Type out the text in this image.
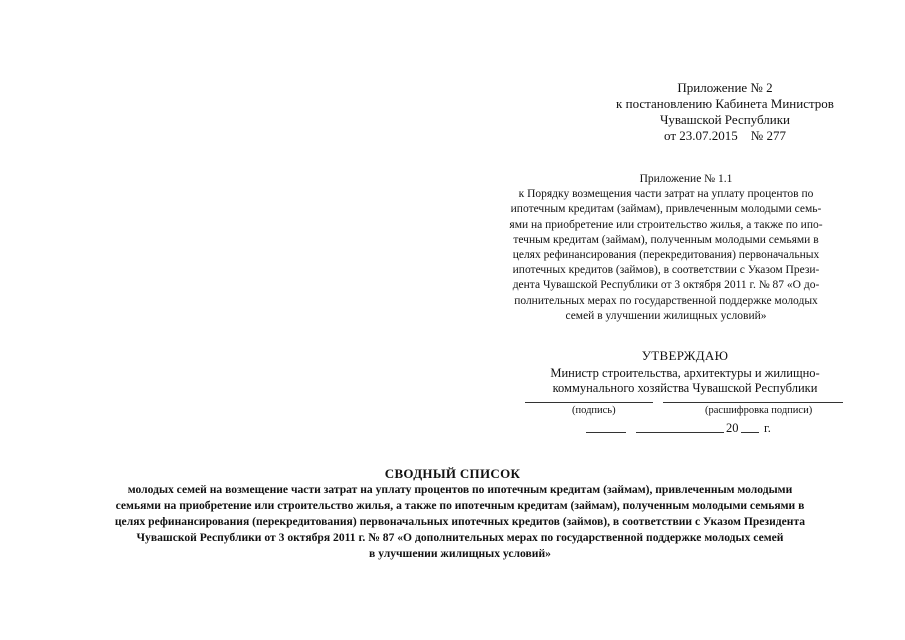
Приложение № 2
к постановлению Кабинета Министров
Чувашской Республики
от 23.07.2015    № 277
Приложение № 1.1
к Порядку возмещения части затрат на уплату процентов по
ипотечным кредитам (займам), привлеченным молодыми семь-
ями на приобретение или строительство жилья, а также по ипо-
течным кредитам (займам), полученным молодыми семьями в
целях рефинансирования (перекредитования) первоначальных
ипотечных кредитов (займов), в соответствии с Указом Прези-
дента Чувашской Республики от 3 октября 2011 г. № 87 «О до-
полнительных мерах по государственной поддержке молодых
семей в улучшении жилищных условий»
УТВЕРЖДАЮ
Министр строительства, архитектуры и жилищно-
коммунального хозяйства Чувашской Республики
(подпись)	(расшифровка подписи)
20 г.
СВОДНЫЙ СПИСОК
молодых семей на возмещение части затрат на уплату процентов по ипотечным кредитам (займам), привлеченным молодыми
семьями на приобретение или строительство жилья, а также по ипотечным кредитам (займам), полученным молодыми семьями в
целях рефинансирования (перекредитования) первоначальных ипотечных кредитов (займов), в соответствии с Указом Президента
Чувашской Республики от 3 октября 2011 г. № 87 «О дополнительных мерах по государственной поддержке молодых семей
в улучшении жилищных условий»
